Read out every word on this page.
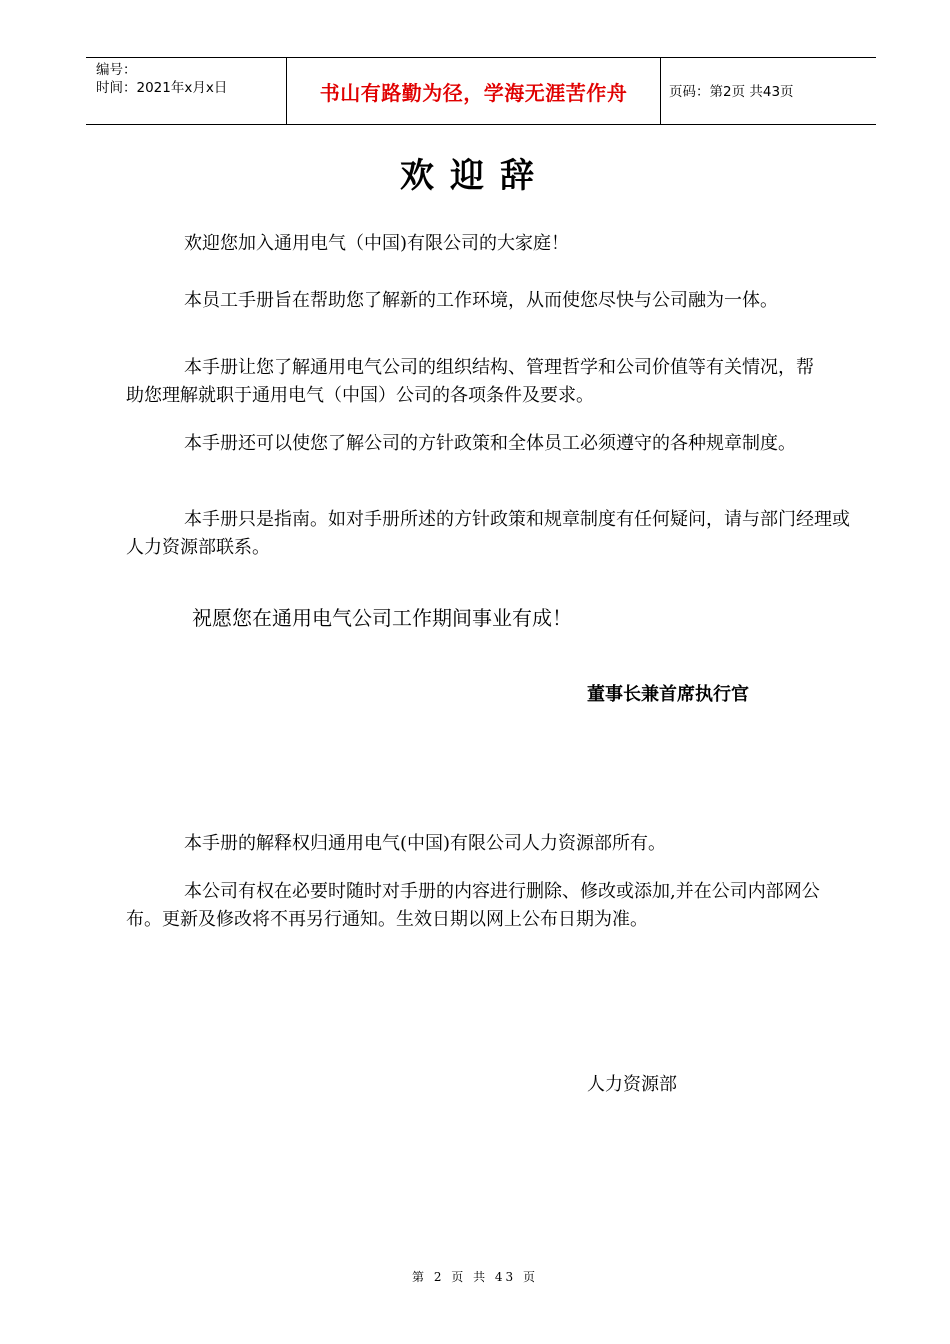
编号：
时间：2021年x月x日	书山有路勤为径，学海无涯苦作舟	页码：第2页 共43页
欢迎辞

欢迎您加入通用电气（中国)有限公司的大家庭！

本员工手册旨在帮助您了解新的工作环境，从而使您尽快与公司融为一体。

本手册让您了解通用电气公司的组织结构、管理哲学和公司价值等有关情况，帮助您理解就职于通用电气（中国）公司的各项条件及要求。

本手册还可以使您了解公司的方针政策和全体员工必须遵守的各种规章制度。

本手册只是指南。如对手册所述的方针政策和规章制度有任何疑问，请与部门经理或人力资源部联系。

祝愿您在通用电气公司工作期间事业有成！
董事长兼首席执行官

本手册的解释权归通用电气(中国)有限公司人力资源部所有。

本公司有权在必要时随时对手册的内容进行删除、修改或添加,并在公司内部网公布。更新及修改将不再另行通知。生效日期以网上公布日期为准。

人力资源部
第 2 页 共 43 页
